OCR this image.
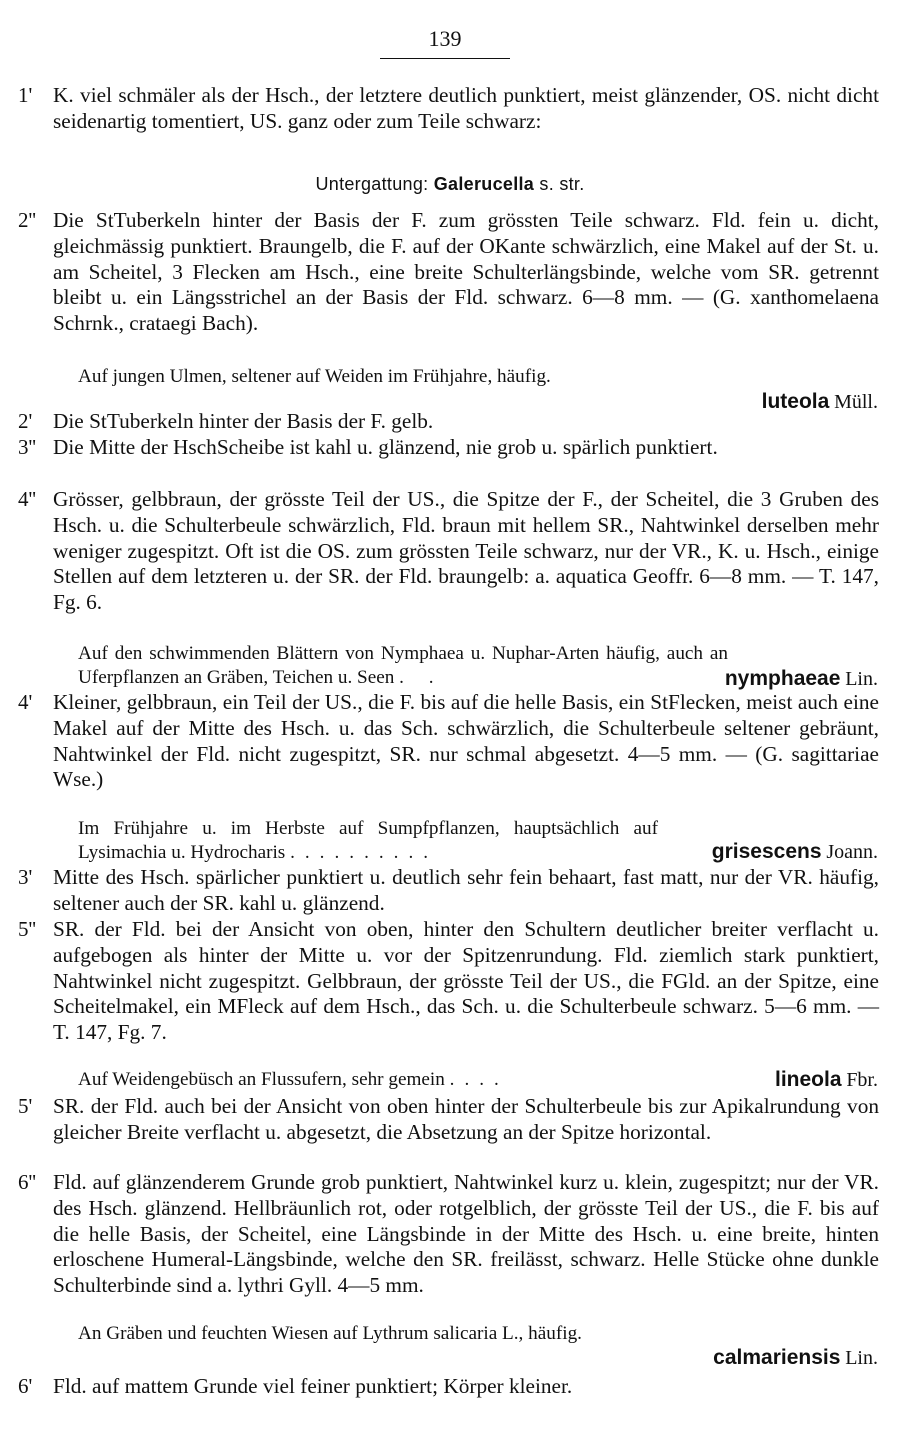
139
1' K. viel schmäler als der Hsch., der letztere deutlich punktiert, meist glänzender, OS. nicht dicht seidenartig tomentiert, US. ganz oder zum Teile schwarz:

Untergattung: Galerucella s. str.
2'' Die StTuberkeln hinter der Basis der F. zum grössten Teile schwarz. Fld. fein u. dicht, gleichmässig punktiert. Braungelb, die F. auf der OKante schwärzlich, eine Makel auf der St. u. am Scheitel, 3 Flecken am Hsch., eine breite Schulterlängsbinde, welche vom SR. getrennt bleibt u. ein Längsstrichel an der Basis der Fld. schwarz. 6—8 mm. — (G. xanthomelaena Schrnk., crataegi Bach).

Auf jungen Ulmen, seltener auf Weiden im Frühjahre, häufig.

luteola Müll.
2' Die StTuberkeln hinter der Basis der F. gelb.

3'' Die Mitte der HschScheibe ist kahl u. glänzend, nie grob u. spärlich punktiert.

4'' Grösser, gelbbraun, der grösste Teil der US., die Spitze der F., der Scheitel, die 3 Gruben des Hsch. u. die Schulterbeule schwärzlich, Fld. braun mit hellem SR., Nahtwinkel derselben mehr weniger zugespitzt. Oft ist die OS. zum grössten Teile schwarz, nur der VR., K. u. Hsch., einige Stellen auf dem letzteren u. der SR. der Fld. braungelb: a. aquatica Geoffr. 6—8 mm. — T. 147, Fg. 6.

Auf den schwimmenden Blättern von Nymphaea u. Nuphar-Arten häufig, auch an Uferpflanzen an Gräben, Teichen u. Seen . .	nymphaeae Lin.
4' Kleiner, gelbbraun, ein Teil der US., die F. bis auf die helle Basis, ein StFlecken, meist auch eine Makel auf der Mitte des Hsch. u. das Sch. schwärzlich, die Schulterbeule seltener gebräunt, Nahtwinkel der Fld. nicht zugespitzt, SR. nur schmal abgesetzt. 4—5 mm. — (G. sagittariae Wse.)

Im Frühjahre u. im Herbste auf Sumpfpflanzen, hauptsächlich auf Lysimachia u. Hydrocharis ..........	grisescens Joann.
3' Mitte des Hsch. spärlicher punktiert u. deutlich sehr fein behaart, fast matt, nur der VR. häufig, seltener auch der SR. kahl u. glänzend.

5'' SR. der Fld. bei der Ansicht von oben, hinter den Schultern deutlicher breiter verflacht u. aufgebogen als hinter der Mitte u. vor der Spitzenrundung. Fld. ziemlich stark punktiert, Nahtwinkel nicht zugespitzt. Gelbbraun, der grösste Teil der US., die FGld. an der Spitze, eine Scheitelmakel, ein MFleck auf dem Hsch., das Sch. u. die Schulterbeule schwarz. 5—6 mm. — T. 147, Fg. 7.

Auf Weidengebüsch an Flussufern, sehr gemein ....	lineola Fbr.
5' SR. der Fld. auch bei der Ansicht von oben hinter der Schulterbeule bis zur Apikalrundung von gleicher Breite verflacht u. abgesetzt, die Absetzung an der Spitze horizontal.

6'' Fld. auf glänzenderem Grunde grob punktiert, Nahtwinkel kurz u. klein, zugespitzt; nur der VR. des Hsch. glänzend. Hellbräunlich rot, oder rotgelblich, der grösste Teil der US., die F. bis auf die helle Basis, der Scheitel, eine Längsbinde in der Mitte des Hsch. u. eine breite, hinten erloschene Humeral-Längsbinde, welche den SR. freilässt, schwarz. Helle Stücke ohne dunkle Schulterbinde sind a. lythri Gyll. 4—5 mm.

An Gräben und feuchten Wiesen auf Lythrum salicaria L., häufig.

calmariensis Lin.
6' Fld. auf mattem Grunde viel feiner punktiert; Körper kleiner.
